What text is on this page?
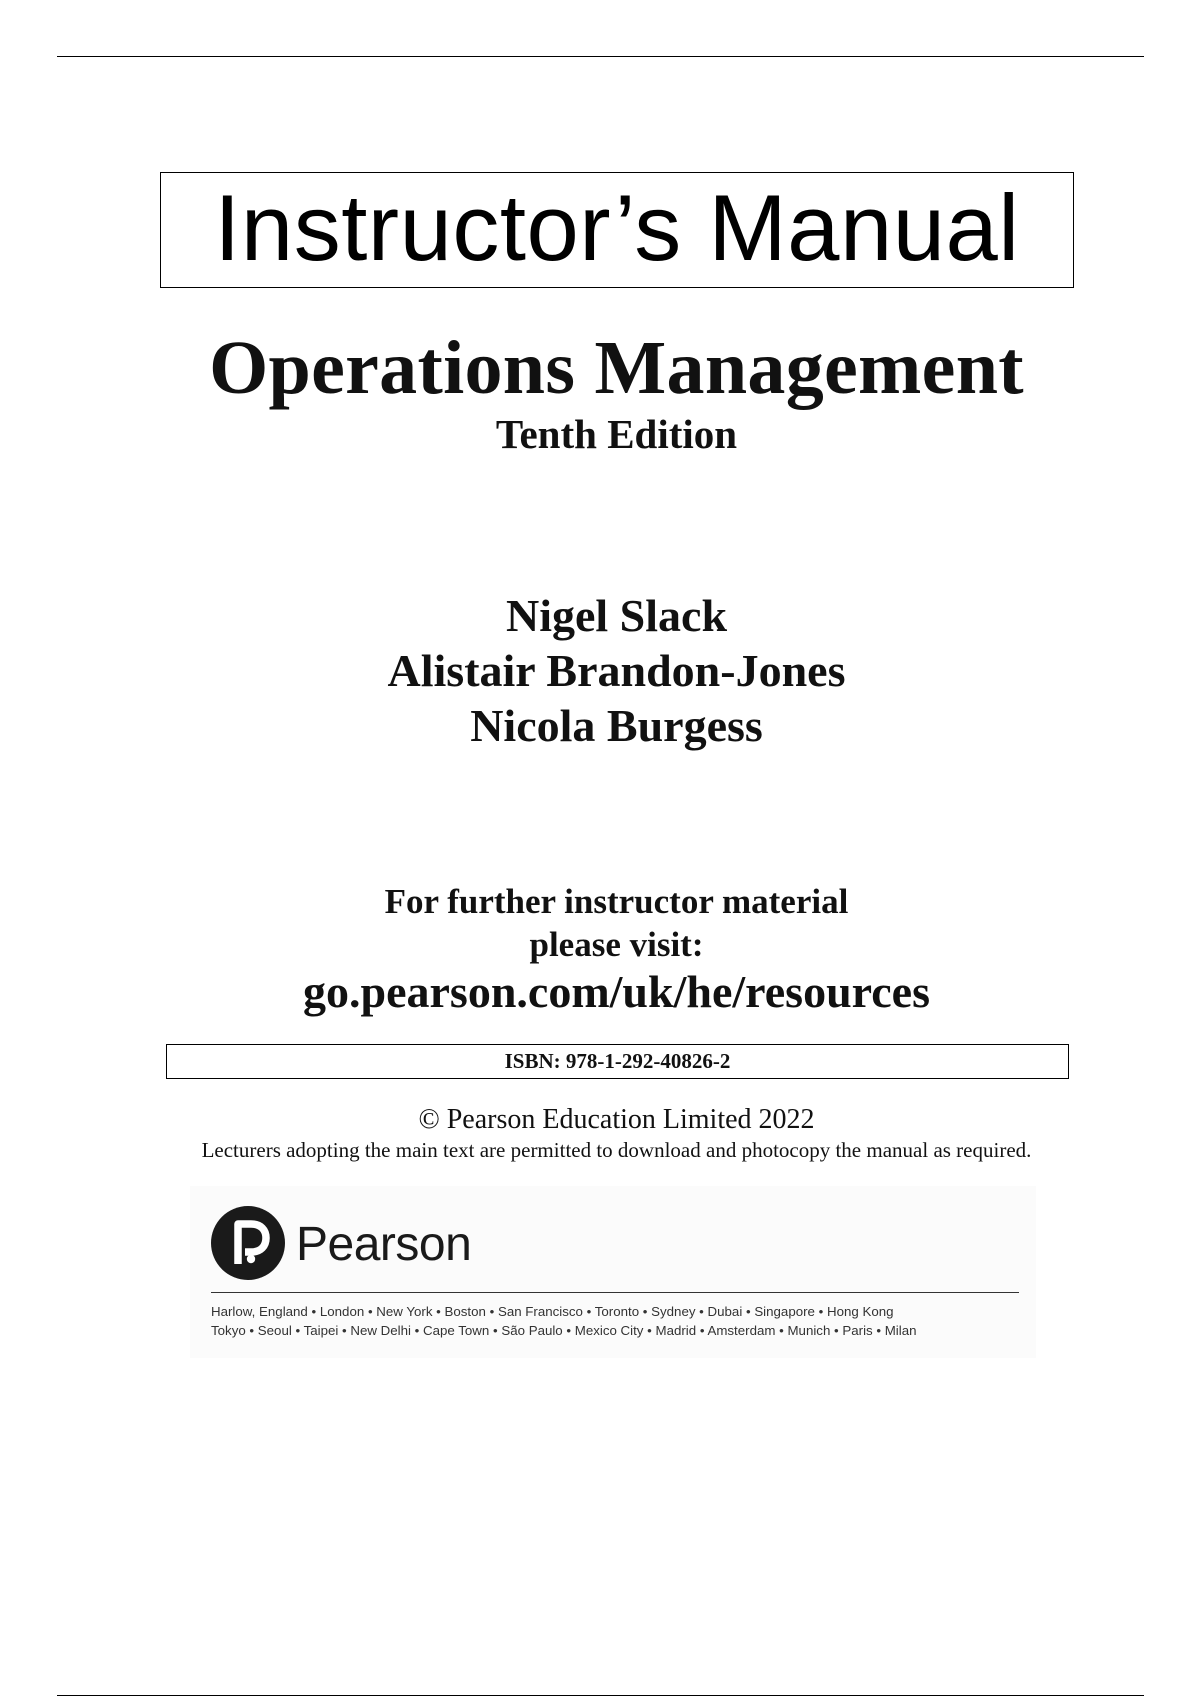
Instructor’s Manual
Operations Management
Tenth Edition
Nigel Slack
Alistair Brandon-Jones
Nicola Burgess
For further instructor material
please visit:
go.pearson.com/uk/he/resources
ISBN: 978-1-292-40826-2
© Pearson Education Limited 2022
Lecturers adopting the main text are permitted to download and photocopy the manual as required.
Pearson
Harlow, England • London • New York • Boston • San Francisco • Toronto • Sydney • Dubai • Singapore • Hong Kong
Tokyo • Seoul • Taipei • New Delhi • Cape Town • São Paulo • Mexico City • Madrid • Amsterdam • Munich • Paris • Milan
